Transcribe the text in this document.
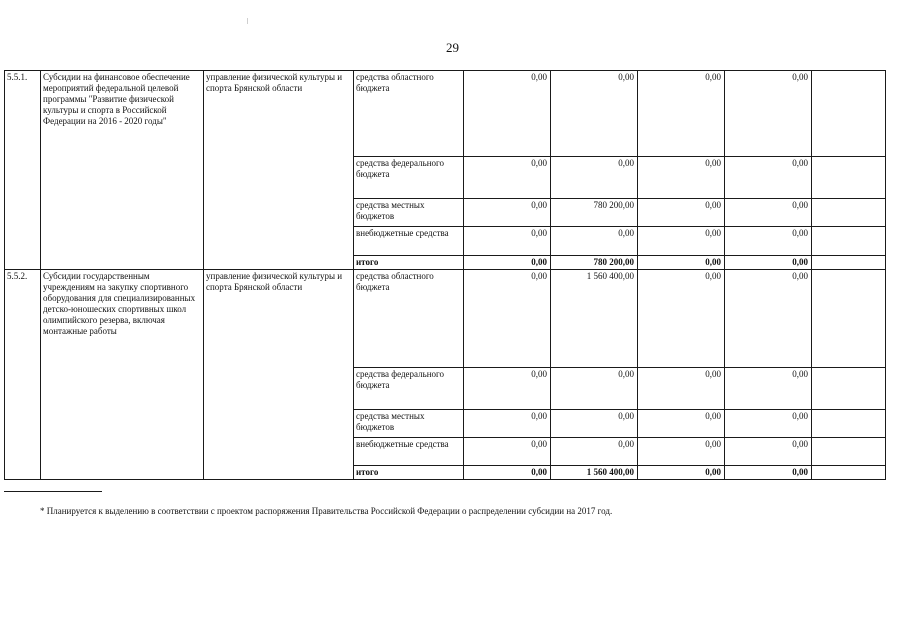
29
5.5.1.	Субсидии на финансовое обеспечение мероприятий федеральной целевой программы "Развитие физической культуры и спорта в Российской Федерации на 2016 - 2020 годы"	управление физической культуры и спорта Брянской области	средства областного бюджета	0,00	0,00	0,00	0,00	
			средства федерального бюджета	0,00	0,00	0,00	0,00	
			средства местных бюджетов	0,00	780 200,00	0,00	0,00	
			внебюджетные средства	0,00	0,00	0,00	0,00	
			итого	0,00	780 200,00	0,00	0,00	
5.5.2.	Субсидии государственным учреждениям на закупку спортивного оборудования для специализированных детско-юношеских спортивных школ олимпийского резерва, включая монтажные работы	управление физической культуры и спорта Брянской области	средства областного бюджета	0,00	1 560 400,00	0,00	0,00	
			средства федерального бюджета	0,00	0,00	0,00	0,00	
			средства местных бюджетов	0,00	0,00	0,00	0,00	
			внебюджетные средства	0,00	0,00	0,00	0,00	
			итого	0,00	1 560 400,00	0,00	0,00	
* Планируется к выделению в соответствии с проектом распоряжения Правительства Российской Федерации о распределении субсидии на 2017 год.
